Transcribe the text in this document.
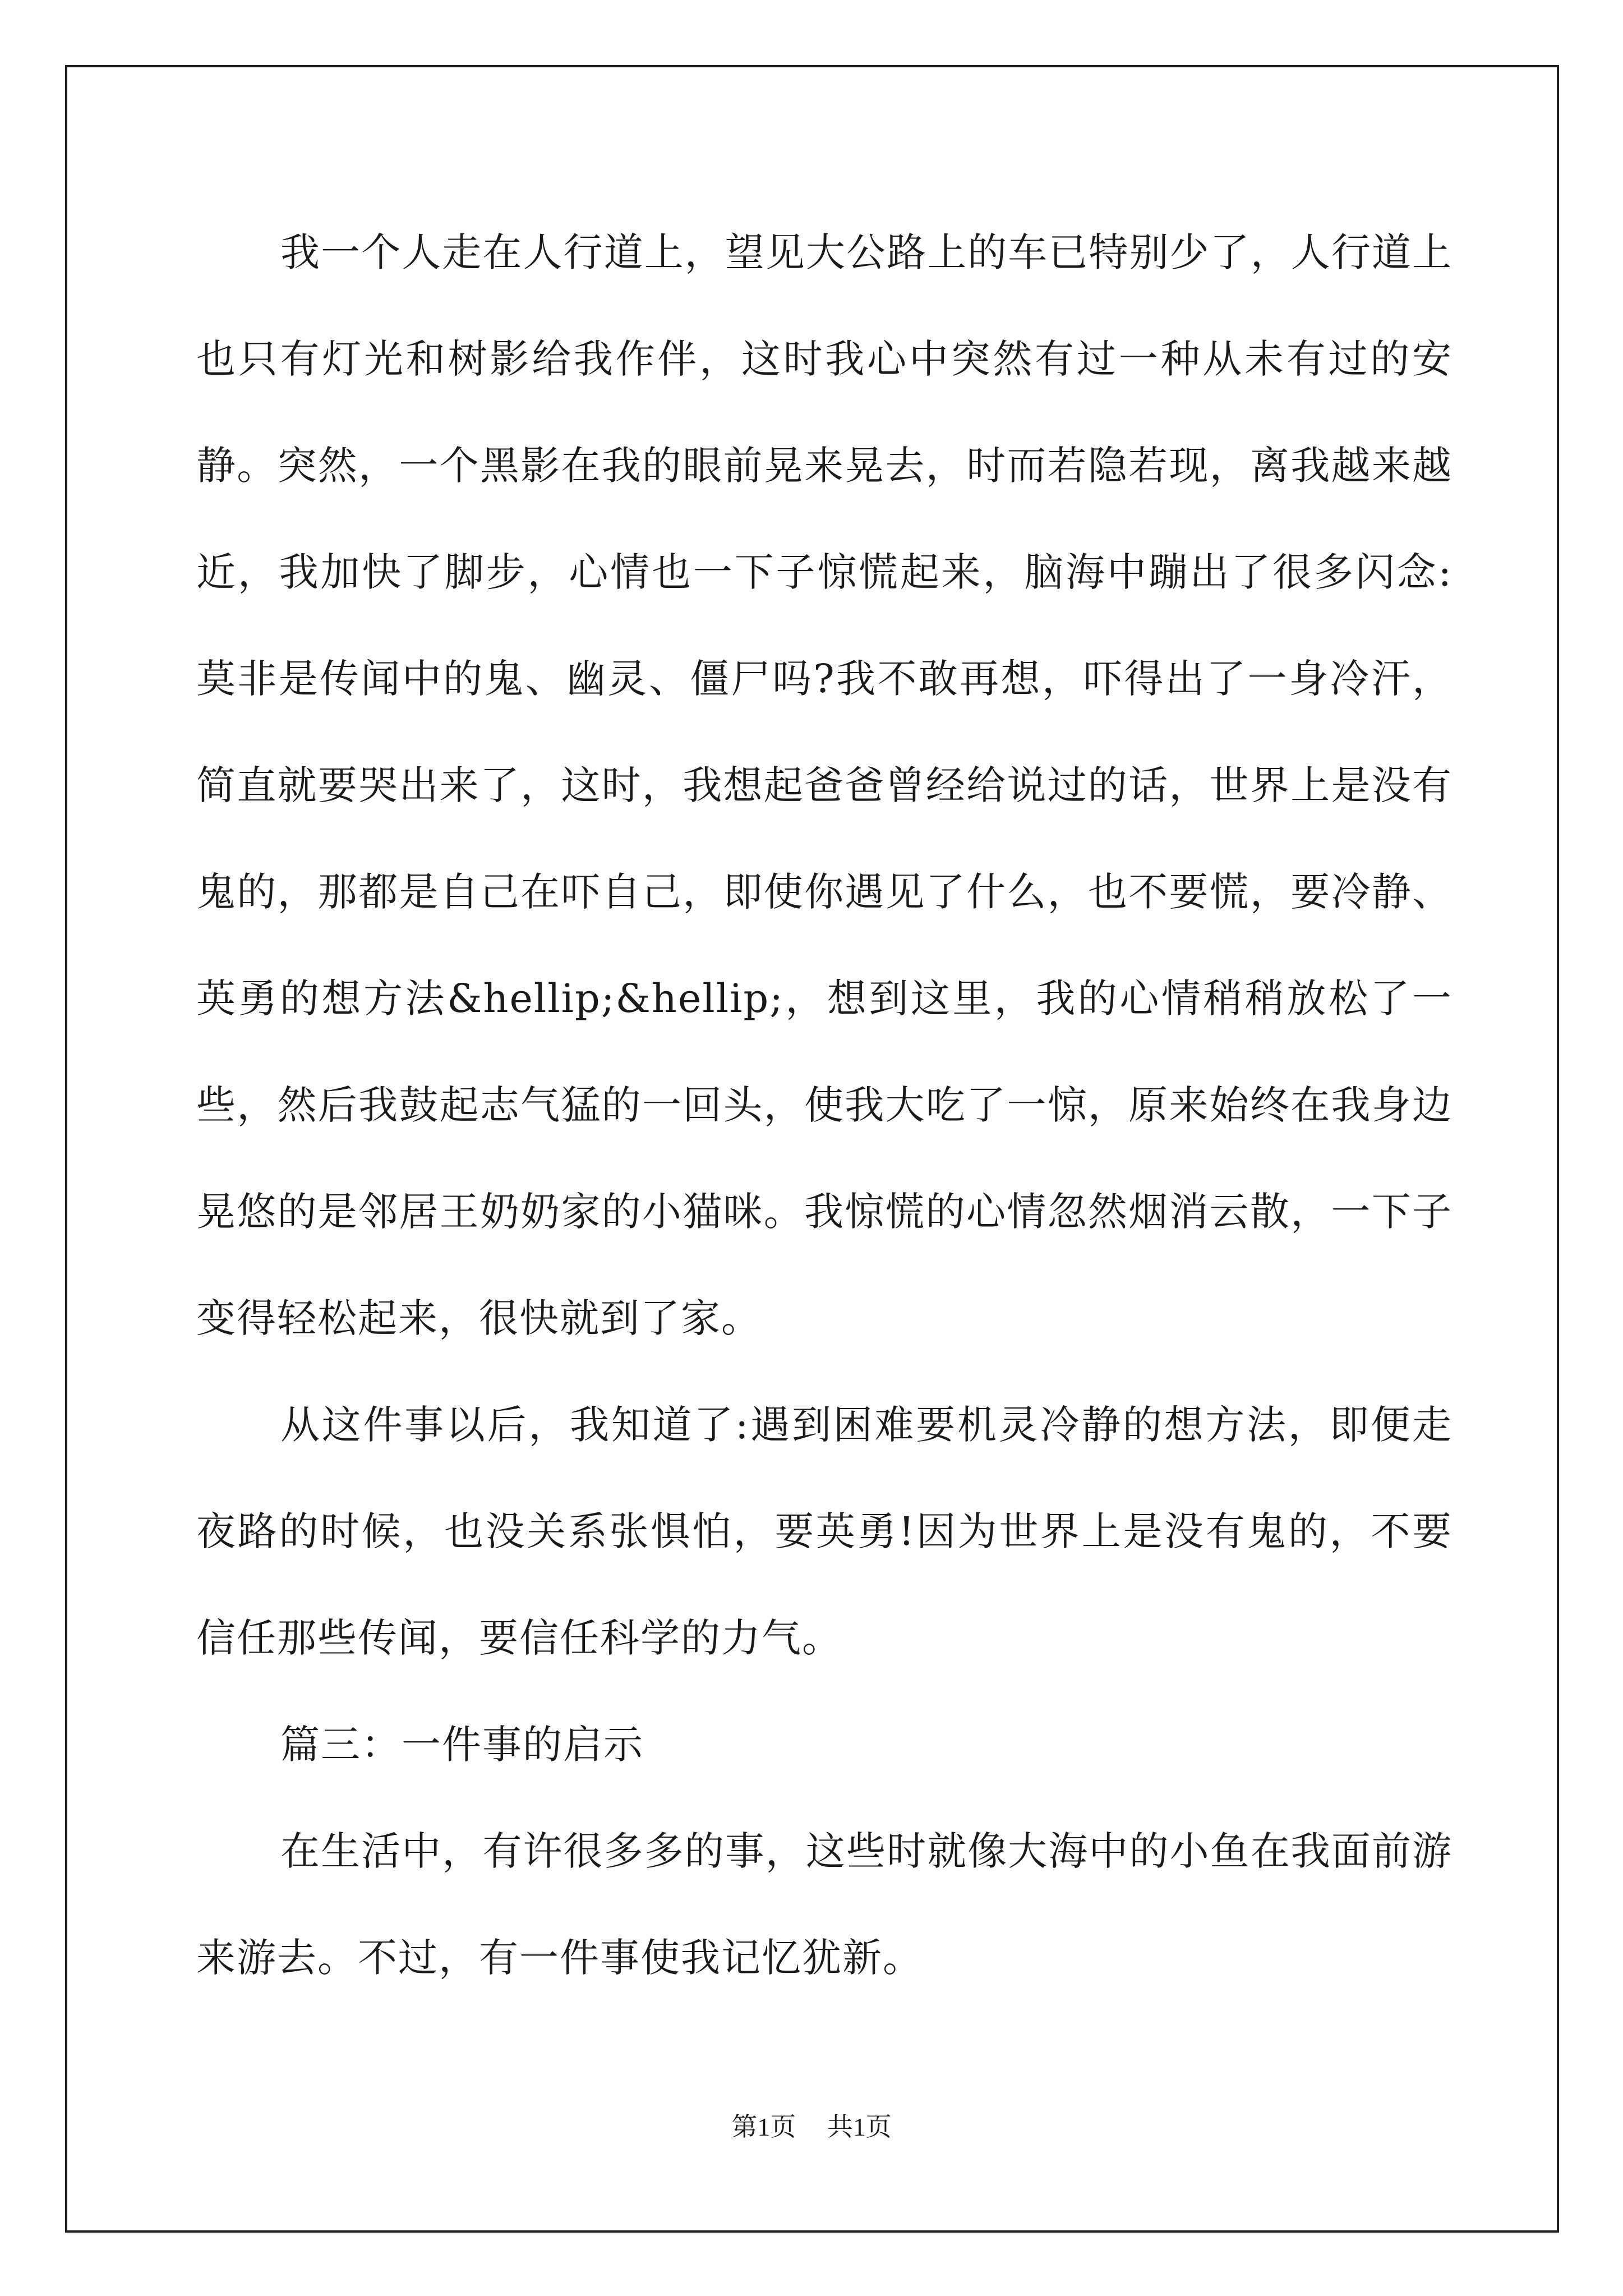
我一个人走在人行道上，望见大公路上的车已特别少了，人行道上也只有灯光和树影给我作伴，这时我心中突然有过一种从未有过的安静。突然，一个黑影在我的眼前晃来晃去，时而若隐若现，离我越来越近，我加快了脚步，心情也一下子惊慌起来，脑海中蹦出了很多闪念:莫非是传闻中的鬼、幽灵、僵尸吗?我不敢再想，吓得出了一身冷汗，简直就要哭出来了，这时，我想起爸爸曾经给说过的话，世界上是没有鬼的，那都是自己在吓自己，即使你遇见了什么，也不要慌，要冷静、英勇的想方法&hellip;&hellip;，想到这里，我的心情稍稍放松了一些，然后我鼓起志气猛的一回头，使我大吃了一惊，原来始终在我身边晃悠的是邻居王奶奶家的小猫咪。我惊慌的心情忽然烟消云散，一下子变得轻松起来，很快就到了家。

从这件事以后，我知道了:遇到困难要机灵冷静的想方法，即便走夜路的时候，也没关系张惧怕，要英勇!因为世界上是没有鬼的，不要信任那些传闻，要信任科学的力气。

篇三：一件事的启示

在生活中，有许很多多的事，这些时就像大海中的小鱼在我面前游来游去。不过，有一件事使我记忆犹新。

第1页 共1页
